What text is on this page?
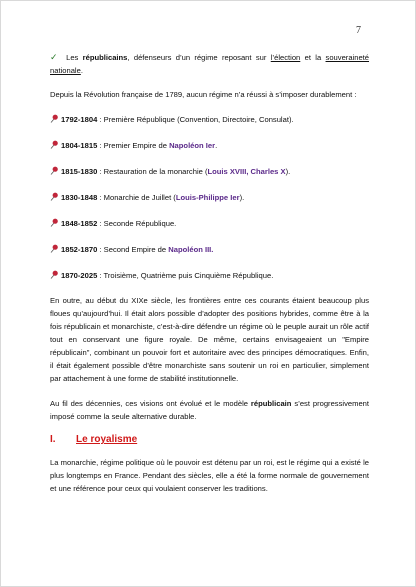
7

✓ Les républicains, défenseurs d’un régime reposant sur l’élection et la souveraineté nationale.

Depuis la Révolution française de 1789, aucun régime n’a réussi à s’imposer durablement :

1792-1804 : Première République (Convention, Directoire, Consulat).

1804-1815 : Premier Empire de Napoléon Ier.

1815-1830 : Restauration de la monarchie (Louis XVIII, Charles X).

1830-1848 : Monarchie de Juillet (Louis-Philippe Ier).

1848-1852 : Seconde République.

1852-1870 : Second Empire de Napoléon III.

1870-2025 : Troisième, Quatrième puis Cinquième République.

En outre, au début du XIXe siècle, les frontières entre ces courants étaient beaucoup plus floues qu’aujourd’hui. Il était alors possible d’adopter des positions hybrides, comme être à la fois républicain et monarchiste, c’est-à-dire défendre un régime où le peuple aurait un rôle actif tout en conservant une figure royale. De même, certains envisageaient un "Empire républicain", combinant un pouvoir fort et autoritaire avec des principes démocratiques. Enfin, il était également possible d’être monarchiste sans soutenir un roi en particulier, simplement par attachement à une forme de stabilité institutionnelle.

Au fil des décennies, ces visions ont évolué et le modèle républicain s’est progressivement imposé comme la seule alternative durable.

I.	Le royalisme

La monarchie, régime politique où le pouvoir est détenu par un roi, est le régime qui a existé le plus longtemps en France. Pendant des siècles, elle a été la forme normale de gouvernement et une référence pour ceux qui voulaient conserver les traditions.
